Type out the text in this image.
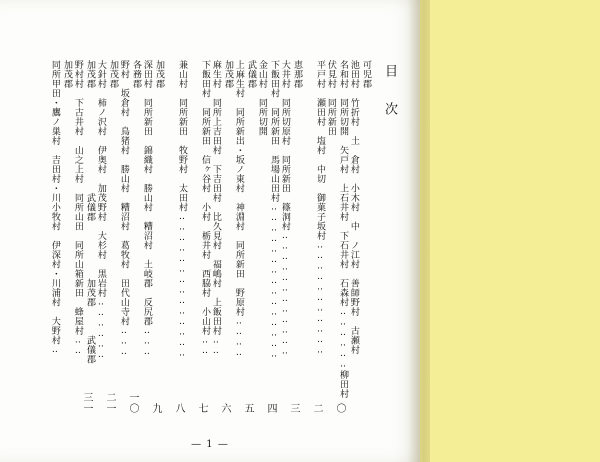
目　次
可児郡
池田村　竹折村　土　倉村　小木村　中　ノ江村　善師野村　古瀬村
名和村　同所切開　矢戸村　上石井村　下石井村　石森村‥‥‥‥‥‥柳田村
伏見村　同所新田
〇
平戸村　瀬田村　塩村　中切　御菓子坂村‥‥‥‥‥‥‥‥‥‥‥
二
恵那郡
大井村　同所切原村　同所新田　篠洞村‥‥‥‥‥‥‥‥‥‥‥‥
三
下飯田村　同所新田　馬場山田村‥‥‥‥‥‥‥‥‥‥‥‥‥‥‥
金山村　同所切開
四
武儀郡
上麻生村　同所新出・坂ノ東村　神淵村　同所新田　野原村‥‥‥‥
五
加茂郡
麻生村　同所上吉田村　下吉田村　比久見村　福嶋村　上飯田村‥‥
六
下飯田村　同所新田　信ヶ谷村　小村　栃井村　西脇村　小山村‥‥
七
兼山村　同所新田　牧野村　太田村‥‥‥‥‥‥‥‥‥‥‥‥‥‥
八
加茂郡
深田村　同所新田　錦織村　勝山村　糟沼村　土岐郡　反尻郡‥‥‥
九
各務郡
野村　坂倉村　鳥猪村　勝山村　糟沼村　葛牧村　田代山寺村‥‥‥
一〇
加茂郡
大針村　柿ノ沢村　伊奥村　加茂野村　大杉村　黒岩村‥‥‥‥‥‥
二一
加茂郡　　　　　　　　　　　武儀郡　　　　　　加茂郡　　　武儀郡
野村村　下古井村　山之上村　同所山田　同所山箱新田　蜂屋村‥‥
三一
加茂郡
同所甲田・鷹ノ巣村　吉田村・川小牧村　伊深村・川浦村　大野村‥
— 1 —
